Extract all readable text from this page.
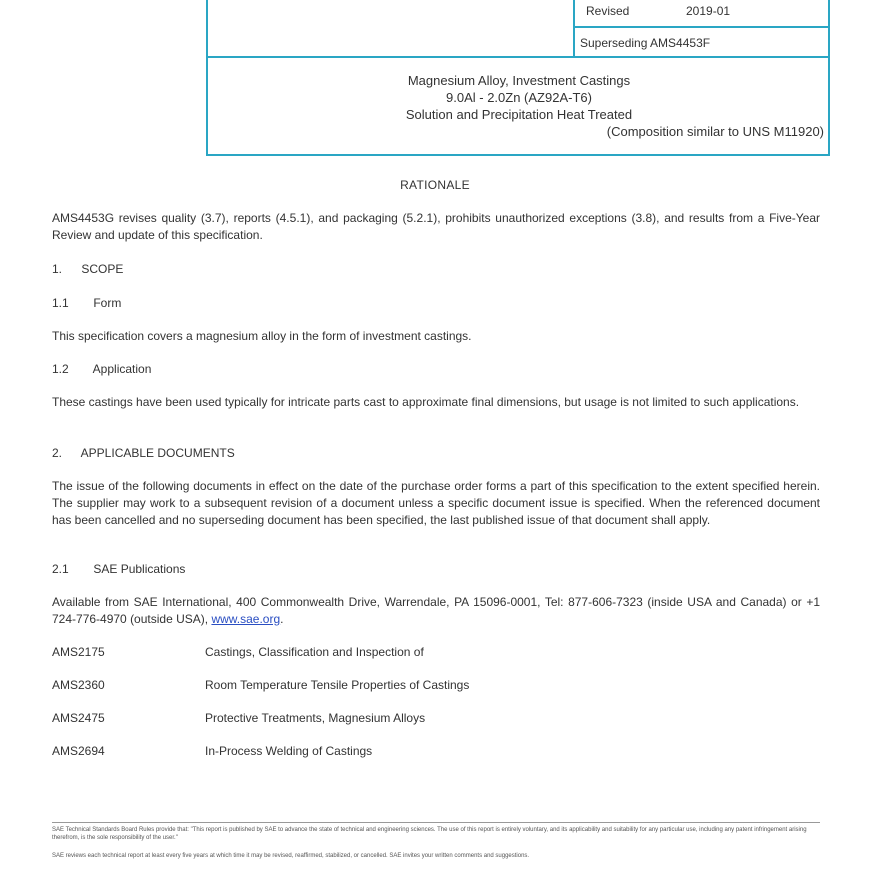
Revised	2019-01
Superseding AMS4453F
Magnesium Alloy, Investment Castings
9.0Al - 2.0Zn (AZ92A-T6)
Solution and Precipitation Heat Treated
(Composition similar to UNS M11920)
RATIONALE
AMS4453G revises quality (3.7), reports (4.5.1), and packaging (5.2.1), prohibits unauthorized exceptions (3.8), and results from a Five-Year Review and update of this specification.
1. SCOPE
1.1 Form
This specification covers a magnesium alloy in the form of investment castings.
1.2 Application
These castings have been used typically for intricate parts cast to approximate final dimensions, but usage is not limited to such applications.
2. APPLICABLE DOCUMENTS
The issue of the following documents in effect on the date of the purchase order forms a part of this specification to the extent specified herein. The supplier may work to a subsequent revision of a document unless a specific document issue is specified. When the referenced document has been cancelled and no superseding document has been specified, the last published issue of that document shall apply.
2.1 SAE Publications
Available from SAE International, 400 Commonwealth Drive, Warrendale, PA 15096-0001, Tel: 877-606-7323 (inside USA and Canada) or +1 724-776-4970 (outside USA), www.sae.org.
AMS2175	Castings, Classification and Inspection of
AMS2360	Room Temperature Tensile Properties of Castings
AMS2475	Protective Treatments, Magnesium Alloys
AMS2694	In-Process Welding of Castings
SAE Technical Standards Board Rules provide that: "This report is published by SAE to advance the state of technical and engineering sciences. The use of this report is entirely voluntary, and its applicability and suitability for any particular use, including any patent infringement arising therefrom, is the sole responsibility of the user."
SAE reviews each technical report at least every five years at which time it may be revised, reaffirmed, stabilized, or cancelled. SAE invites your written comments and suggestions.
